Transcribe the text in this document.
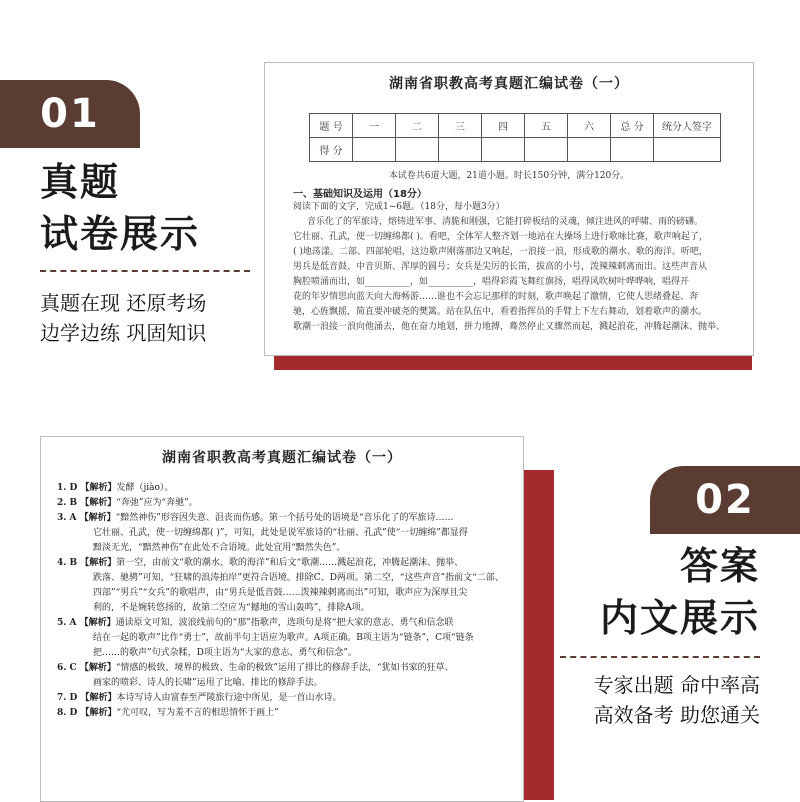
01
真题
试卷展示
真题在现 还原考场
边学边练 巩固知识
湖南省职教高考真题汇编试卷（一）
题 号	一	二	三	四	五	六	总 分	统分人签字
得 分								
本试卷共6道大题，21道小题。时长150分钟，满分120分。
一、基础知识及运用（18分）
阅读下面的文字，完成1~6题。（18分，每小题3分）
音乐化了的军旅诗，熔铸进军事、清脆和刚强，它能打碎板结的灵魂，倾注进风的呼啸、雨的磅礴。
它壮丽、孔武，使一切缠绵都( )。看吧，全体军人整齐划一地站在大操场上进行歌咏比赛，歌声响起了，
( )地荡漾。二部、四部轮唱，这边歌声刚落那边又响起，一浪接一浪，形成歌的潮水、歌的海洋。听吧，
男兵是低音鼓、中音贝斯、浑厚的圆号；女兵是尖厉的长笛，拔高的小号，泼辣辣剌离而出。这些声音从
胸腔喷涌而出，如__________，如__________，唱得彩霞飞舞红旗扬，唱得风吹树叶哗哗响，唱得开
花的年岁情思向蓝天向大海畅游……谁也不会忘记那样的时刻，歌声唤起了激情，它使人思绪叠起、奔
驰，心旌飘摇，简直要冲破尧的樊篱。站在队伍中，看着指挥员的手臂上下左右舞动，划着歌声的潮水。
歌潮一浪接一浪向他涌去，他在奋力地划，拼力地搏，蓦然停止又骤然而起，溅起浪花，冲腾起潮沫、抛举、
湖南省职教高考真题汇编试卷（一）
1. D 【解析】发酵（jiào）。
2. B 【解析】“奔弛”应为“奔驰”。
3. A 【解析】“黯然神伤”形容因失意、沮丧而伤感。第一个括号处的语境是“音乐化了的军旅诗……
它壮丽、孔武，使一切缠绵都( )”，可知，此处是说军旅诗的“壮丽、孔武”使“一切缠绵”都显得
黯淡无光，“黯然神伤”在此处不合语境。此处宜用“黯然失色”。
4. B 【解析】第一空，由前文“歌的潮水、歌的海洋”和后文“歌潮……溅起浪花，冲腾起潮沫、抛举、
跌落、驰骋”可知，“狂啸的浪涛拍岸”更符合语境。排除C、D两项。第二空，“这些声音”指前文“二部、
四部”“男兵”“女兵”的歌唱声，由“男兵是低音鼓……泼辣辣剌离而出”可知，歌声应为深厚且尖
利的，不是婉转悠扬的，故第二空应为“撼地的雪山轰鸣”，排除A项。
5. A 【解析】通读原文可知，波浪线前句的“那”指歌声，选项句是将“把大家的意志、勇气和信念联
结在一起的歌声”比作“勇士”，故前半句主语应为歌声。A项正确。B项主语为“链条”，C项“链条
把……的歌声”句式杂糅，D项主语为“大家的意志、勇气和信念”。
6. C 【解析】“情感的极致、境界的极致、生命的极致”运用了排比的修辞手法，“犹如书家的狂草、
画家的喷彩、诗人的长啸”运用了比喻、排比的修辞手法。
7. D 【解析】本诗写诗人由富春至严陵旅行途中所见，是一首山水诗。
8. D 【解析】“尤可叹，写为羞不言的相思情怀于画上”
02
答案
内文展示
专家出题 命中率高
高效备考 助您通关
